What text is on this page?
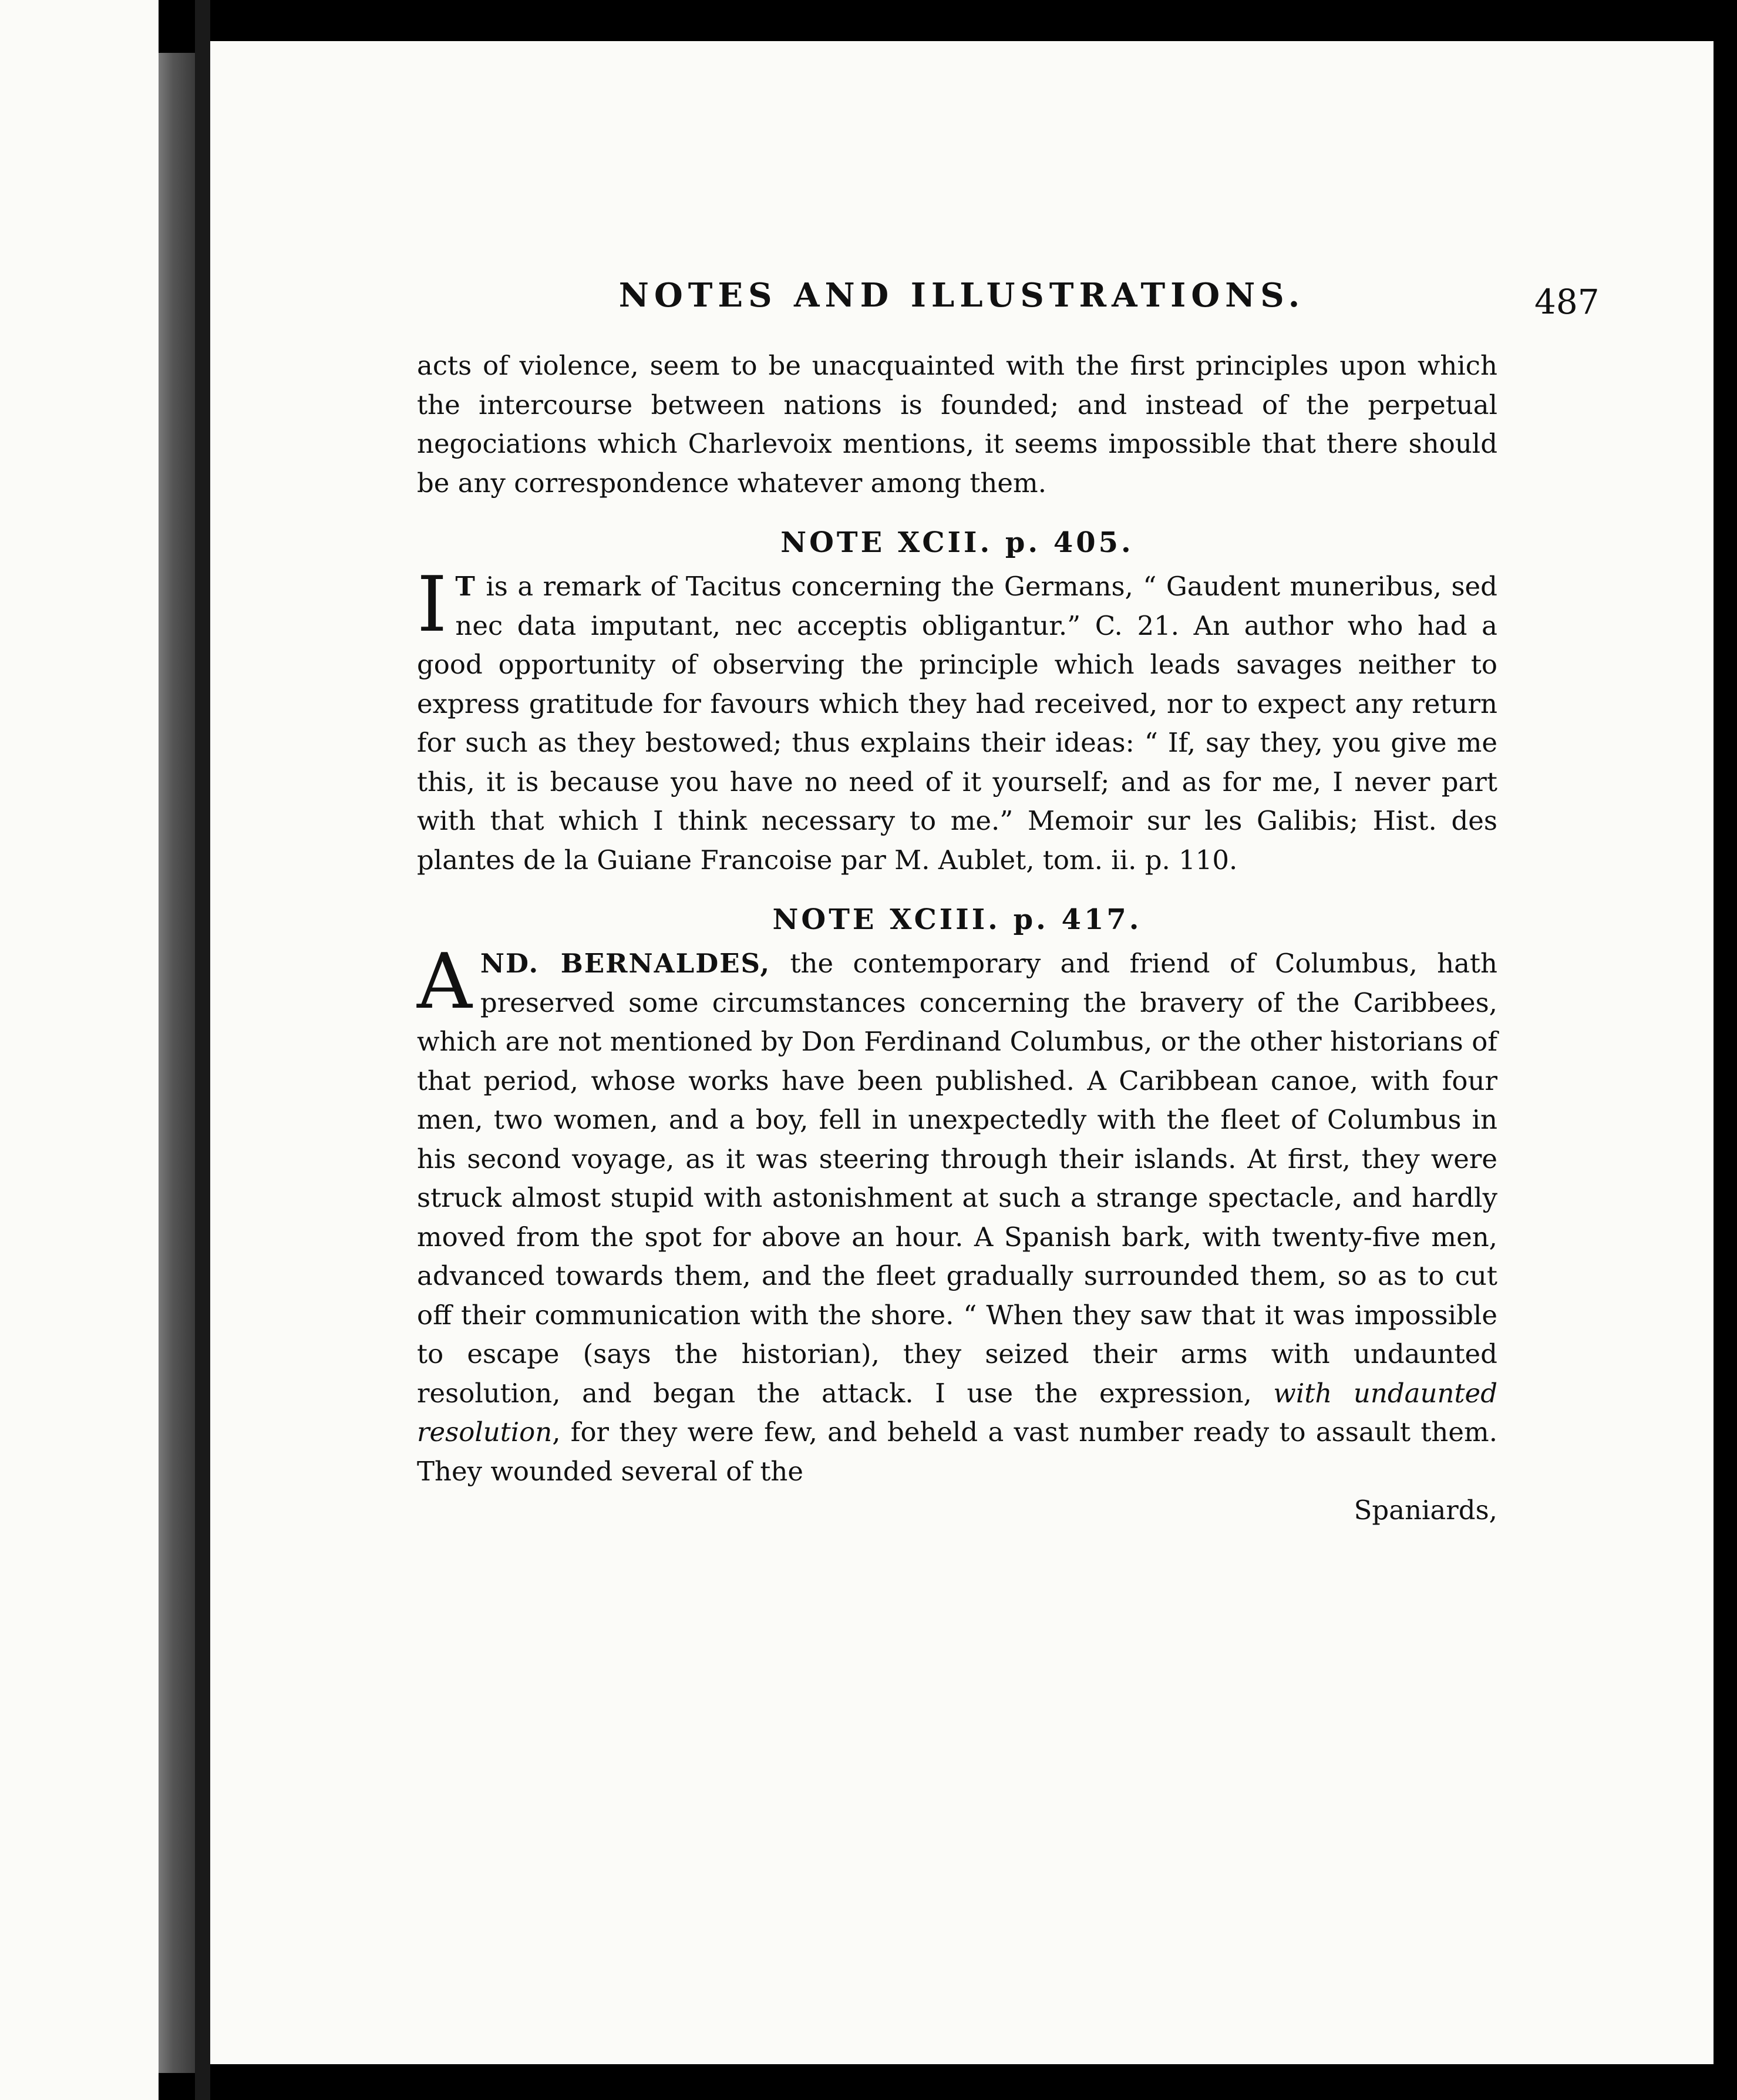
NOTES AND ILLUSTRATIONS.	487

acts of violence, seem to be unacquainted with the first principles upon which the intercourse between nations is founded; and instead of the perpetual negociations which Charlevoix mentions, it seems impossible that there should be any correspondence whatever among them.

NOTE XCII. p. 405.

I T is a remark of Tacitus concerning the Germans, “ Gaudent muneribus, sed nec data imputant, nec acceptis obligantur.” C. 21. An author who had a good opportunity of observing the principle which leads savages neither to express gratitude for favours which they had received, nor to expect any return for such as they bestowed; thus explains their ideas: “ If, say they, you give me this, it is because you have no need of it yourself; and as for me, I never part with that which I think necessary to me.” Memoir sur les Galibis; Hist. des plantes de la Guiane Francoise par M. Aublet, tom. ii. p. 110.

NOTE XCIII. p. 417.

AND. BERNALDES, the contemporary and friend of Columbus, hath preserved some circumstances concerning the bravery of the Caribbees, which are not mentioned by Don Ferdinand Columbus, or the other historians of that period, whose works have been published. A Caribbean canoe, with four men, two women, and a boy, fell in unexpectedly with the fleet of Columbus in his second voyage, as it was steering through their islands. At first, they were struck almost stupid with astonishment at such a strange spectacle, and hardly moved from the spot for above an hour. A Spanish bark, with twenty-five men, advanced towards them, and the fleet gradually surrounded them, so as to cut off their communication with the shore. “ When they saw that it was impossible to escape (says the historian), they seized their arms with undaunted resolution, and began the attack. I use the expression, with undaunted resolution, for they were few, and beheld a vast number ready to assault them. They wounded several of the

Spaniards,
